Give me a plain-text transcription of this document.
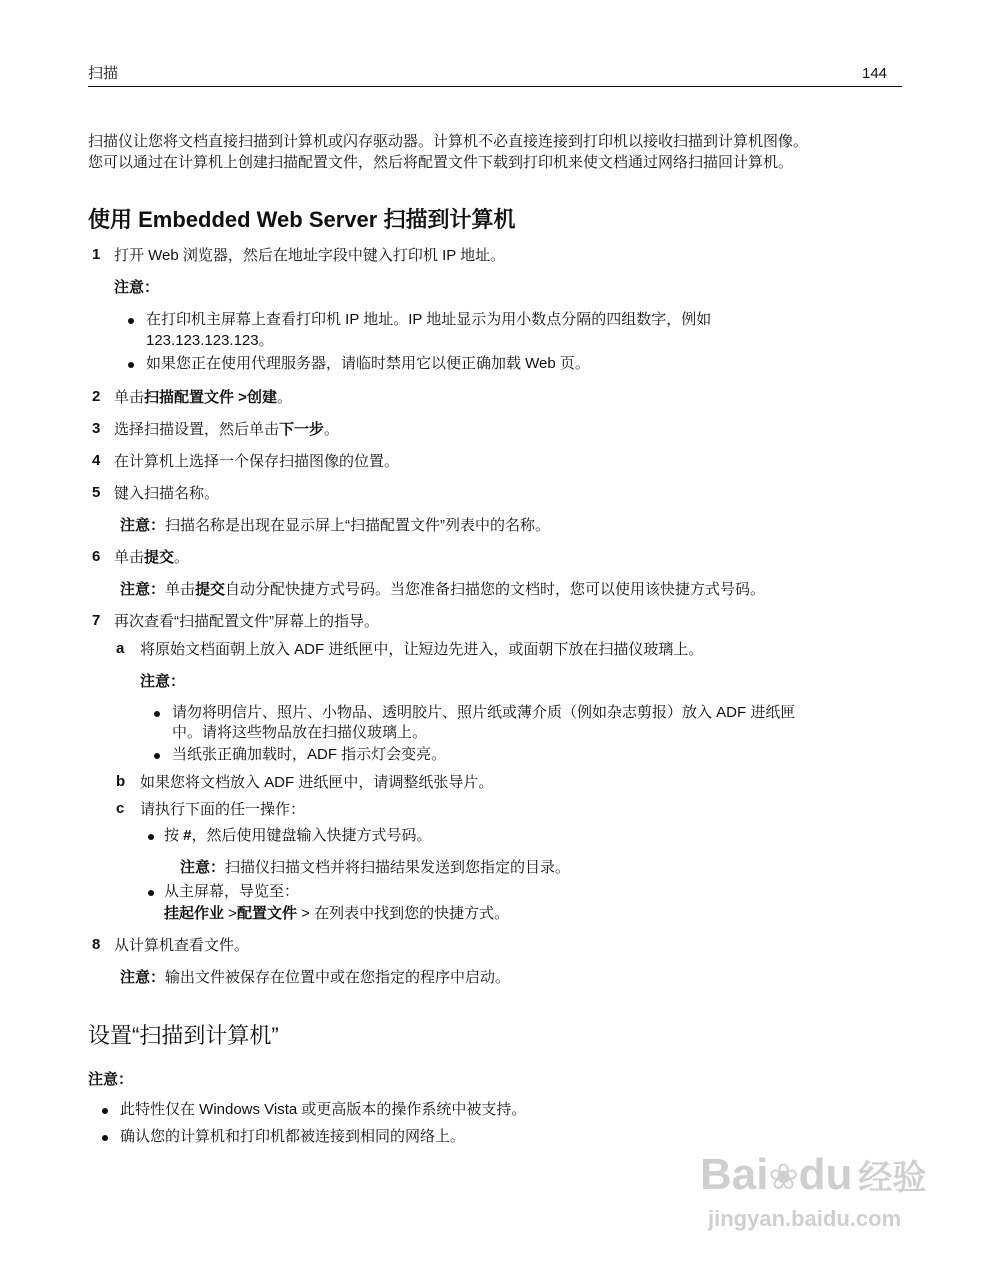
扫描	144
扫描仪让您将文档直接扫描到计算机或闪存驱动器。计算机不必直接连接到打印机以接收扫描到计算机图像。
您可以通过在计算机上创建扫描配置文件，然后将配置文件下载到打印机来使文档通过网络扫描回计算机。
使用 Embedded Web Server 扫描到计算机
1 打开 Web 浏览器，然后在地址字段中键入打印机 IP 地址。
注意：
在打印机主屏幕上查看打印机 IP 地址。IP 地址显示为用小数点分隔的四组数字，例如
123.123.123.123。
如果您正在使用代理服务器，请临时禁用它以便正确加载 Web 页。
2 单击扫描配置文件 >创建。
3 选择扫描设置，然后单击下一步。
4 在计算机上选择一个保存扫描图像的位置。
5 键入扫描名称。
注意：扫描名称是出现在显示屏上“扫描配置文件”列表中的名称。
6 单击提交。
注意：单击提交自动分配快捷方式号码。当您准备扫描您的文档时，您可以使用该快捷方式号码。
7 再次查看“扫描配置文件”屏幕上的指导。
a 将原始文档面朝上放入 ADF 进纸匣中，让短边先进入，或面朝下放在扫描仪玻璃上。
注意：
请勿将明信片、照片、小物品、透明胶片、照片纸或薄介质（例如杂志剪报）放入 ADF 进纸匣
中。请将这些物品放在扫描仪玻璃上。
当纸张正确加载时，ADF 指示灯会变亮。
b 如果您将文档放入 ADF 进纸匣中，请调整纸张导片。
c 请执行下面的任一操作：
按 #，然后使用键盘输入快捷方式号码。
注意：扫描仪扫描文档并将扫描结果发送到您指定的目录。
从主屏幕，导览至：
挂起作业 >配置文件 > 在列表中找到您的快捷方式。
8 从计算机查看文件。
注意：输出文件被保存在位置中或在您指定的程序中启动。
设置“扫描到计算机”
注意：
此特性仅在 Windows Vista 或更高版本的操作系统中被支持。
确认您的计算机和打印机都被连接到相同的网络上。
Bai❀du 经验
jingyan.baidu.com
